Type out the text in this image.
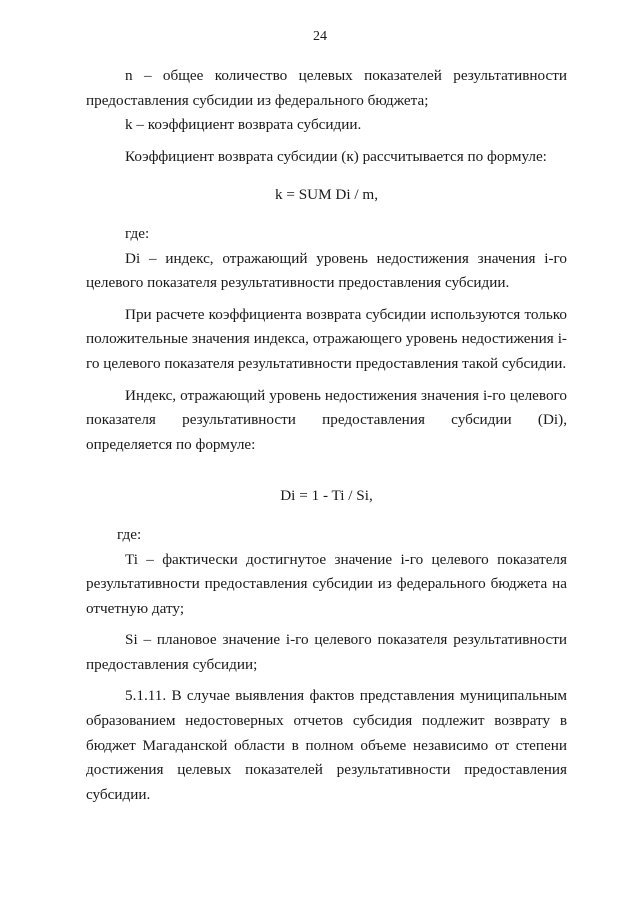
24

n – общее количество целевых показателей результативности предоставления субсидии из федерального бюджета;

k – коэффициент возврата субсидии.

Коэффициент возврата субсидии (к) рассчитывается по формуле:

k = SUM Di / m,

где:

Di – индекс, отражающий уровень недостижения значения i-го целевого показателя результативности предоставления субсидии.

При расчете коэффициента возврата субсидии используются только положительные значения индекса, отражающего уровень недостижения i-го целевого показателя результативности предоставления такой субсидии.

Индекс, отражающий уровень недостижения значения i-го целевого показателя результативности предоставления субсидии (Di), определяется по формуле:

Di = 1 - Ti / Si,

где:

Ti – фактически достигнутое значение i-го целевого показателя результативности предоставления субсидии из федерального бюджета на отчетную дату;

Si – плановое значение i-го целевого показателя результативности предоставления субсидии;

5.1.11. В случае выявления фактов представления муниципальным образованием недостоверных отчетов субсидия подлежит возврату в бюджет Магаданской области в полном объеме независимо от степени достижения целевых показателей результативности предоставления субсидии.
